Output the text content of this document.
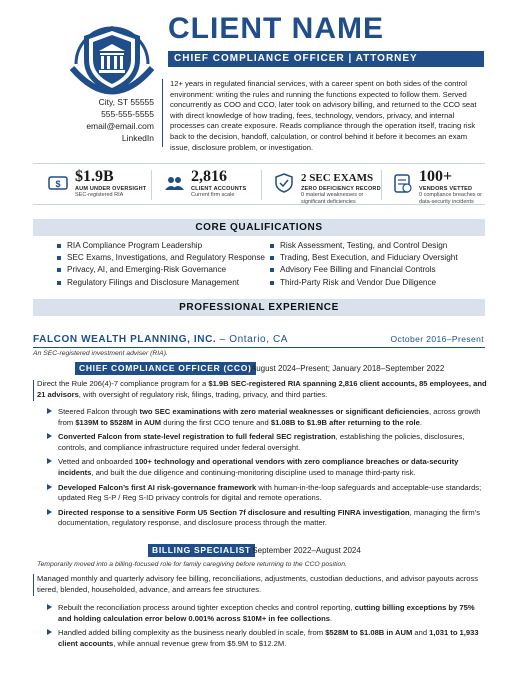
CLIENT NAME
CHIEF COMPLIANCE OFFICER | ATTORNEY
City, ST 55555
555-555-5555
email@email.com
LinkedIn
12+ years in regulated financial services, with a career spent on both sides of the control environment: writing the rules and running the functions expected to follow them. Served concurrently as COO and CCO, later took on advisory billing, and returned to the CCO seat with direct knowledge of how trading, fees, technology, vendors, privacy, and internal processes can create exposure. Reads compliance through the operation itself, tracing risk back to the decision, handoff, calculation, or control behind it before it becomes an exam issue, disclosure problem, or investigation.
$ $1.9B
AUM UNDER OVERSIGHT
SEC-registered RIA
2,816
CLIENT ACCOUNTS
Current firm scale
2 SEC EXAMS
ZERO DEFICIENCY RECORD
0 material weaknesses or
significant deficiencies
100+
VENDORS VETTED
0 compliance breaches or
data-security incidents
CORE QUALIFICATIONS
RIA Compliance Program Leadership
SEC Exams, Investigations, and Regulatory Response
Privacy, AI, and Emerging-Risk Governance
Regulatory Filings and Disclosure Management
Risk Assessment, Testing, and Control Design
Trading, Best Execution, and Fiduciary Oversight
Advisory Fee Billing and Financial Controls
Third-Party Risk and Vendor Due Diligence
PROFESSIONAL EXPERIENCE
FALCON WEALTH PLANNING, INC. – Ontario, CA	October 2016–Present
An SEC-registered investment adviser (RIA).
CHIEF COMPLIANCE OFFICER (CCO)
| August 2024–Present; January 2018–September 2022
Direct the Rule 206(4)-7 compliance program for a $1.9B SEC-registered RIA spanning 2,816 client accounts, 85 employees, and 21 advisors, with oversight of regulatory risk, filings, trading, privacy, and third parties.
Steered Falcon through two SEC examinations with zero material weaknesses or significant deficiencies, across growth from $139M to $528M in AUM during the first CCO tenure and $1.08B to $1.9B after returning to the role.
Converted Falcon from state-level registration to full federal SEC registration, establishing the policies, disclosures, controls, and compliance infrastructure required under federal oversight.
Vetted and onboarded 100+ technology and operational vendors with zero compliance breaches or data-security incidents, and built the due diligence and continuing-monitoring discipline used to manage third-party risk.
Developed Falcon’s first AI risk-governance framework with human-in-the-loop safeguards and acceptable-use standards; updated Reg S-P / Reg S-ID privacy controls for digital and remote operations.
Directed response to a sensitive Form U5 Section 7f disclosure and resulting FINRA investigation, managing the firm’s documentation, regulatory response, and disclosure process through the matter.
BILLING SPECIALIST
| September 2022–August 2024
Temporarily moved into a billing-focused role for family caregiving before returning to the CCO position.
Managed monthly and quarterly advisory fee billing, reconciliations, adjustments, custodian deductions, and advisor payouts across tiered, blended, householded, advance, and arrears fee structures.
Rebuilt the reconciliation process around tighter exception checks and control reporting, cutting billing exceptions by 75% and holding calculation error below 0.001% across $10M+ in fee collections.
Handled added billing complexity as the business nearly doubled in scale, from $528M to $1.08B in AUM and 1,031 to 1,933 client accounts, while annual revenue grew from $5.9M to $12.2M.
